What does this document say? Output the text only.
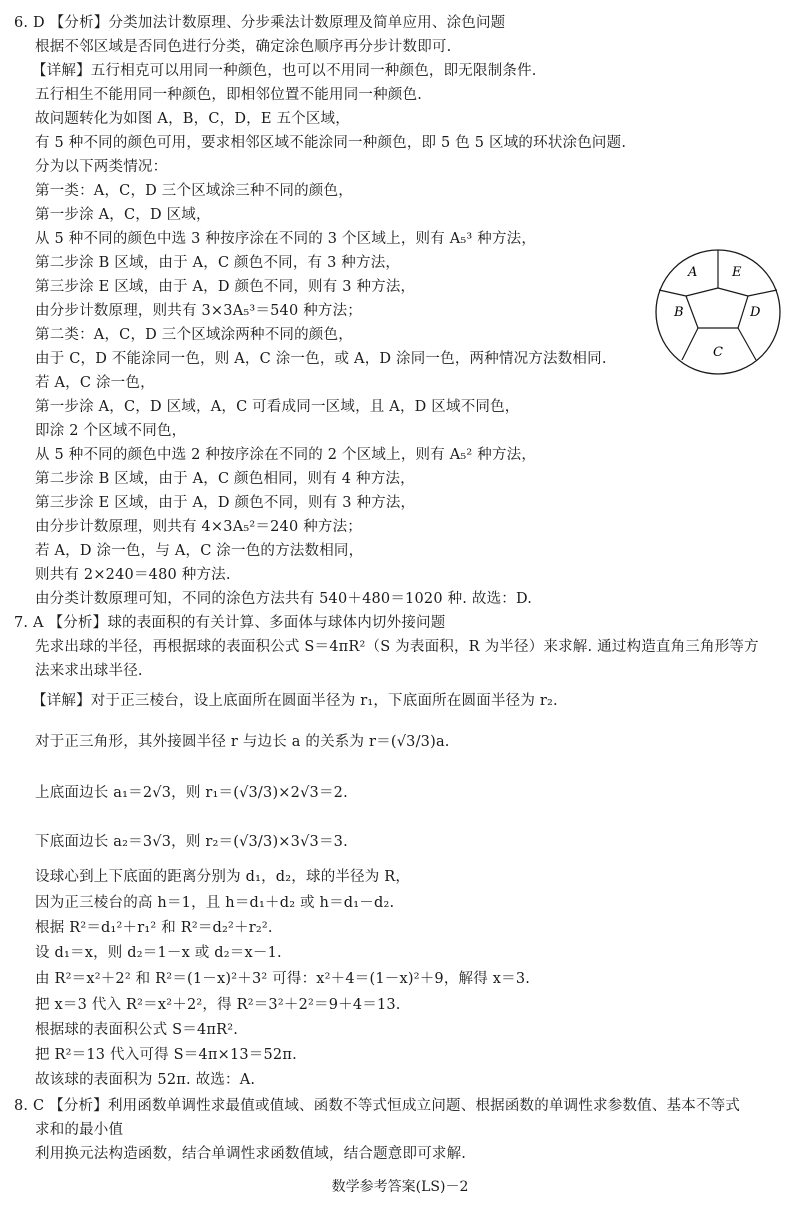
6. D 【分析】分类加法计数原理、分步乘法计数原理及简单应用、涂色问题
根据不邻区域是否同色进行分类，确定涂色顺序再分步计数即可.
【详解】五行相克可以用同一种颜色，也可以不用同一种颜色，即无限制条件.
五行相生不能用同一种颜色，即相邻位置不能用同一种颜色.
故问题转化为如图 A，B，C，D，E 五个区域，
有 5 种不同的颜色可用，要求相邻区域不能涂同一种颜色，即 5 色 5 区域的环状涂色问题.
分为以下两类情况：
第一类：A，C，D 三个区域涂三种不同的颜色，
第一步涂 A，C，D 区域，
从 5 种不同的颜色中选 3 种按序涂在不同的 3 个区域上，则有 A₅³ 种方法，
第二步涂 B 区域，由于 A，C 颜色不同，有 3 种方法，
第三步涂 E 区域，由于 A，D 颜色不同，则有 3 种方法，
由分步计数原理，则共有 3×3A₅³＝540 种方法；
第二类：A，C，D 三个区域涂两种不同的颜色，
由于 C，D 不能涂同一色，则 A，C 涂一色，或 A，D 涂同一色，两种情况方法数相同.
若 A，C 涂一色，
第一步涂 A，C，D 区域，A，C 可看成同一区域，且 A，D 区域不同色，
即涂 2 个区域不同色，
从 5 种不同的颜色中选 2 种按序涂在不同的 2 个区域上，则有 A₅² 种方法，
第二步涂 B 区域，由于 A，C 颜色相同，则有 4 种方法，
第三步涂 E 区域，由于 A，D 颜色不同，则有 3 种方法，
由分步计数原理，则共有 4×3A₅²＝240 种方法；
若 A，D 涂一色，与 A，C 涂一色的方法数相同，
则共有 2×240＝480 种方法.
由分类计数原理可知，不同的涂色方法共有 540＋480＝1020 种. 故选：D.
7. A 【分析】球的表面积的有关计算、多面体与球体内切外接问题
先求出球的半径，再根据球的表面积公式 S＝4πR²（S 为表面积，R 为半径）来求解. 通过构造直角三角形等方
法来求出球半径.
【详解】对于正三棱台，设上底面所在圆面半径为 r₁，下底面所在圆面半径为 r₂.
对于正三角形，其外接圆半径 r 与边长 a 的关系为 r＝(√3/3)a.
上底面边长 a₁＝2√3，则 r₁＝(√3/3)×2√3＝2.
下底面边长 a₂＝3√3，则 r₂＝(√3/3)×3√3＝3.
设球心到上下底面的距离分别为 d₁，d₂，球的半径为 R，
因为正三棱台的高 h＝1，且 h＝d₁＋d₂ 或 h＝d₁－d₂.
根据 R²＝d₁²＋r₁² 和 R²＝d₂²＋r₂².
设 d₁＝x，则 d₂＝1－x 或 d₂＝x－1.
由 R²＝x²＋2² 和 R²＝(1－x)²＋3² 可得：x²＋4＝(1－x)²＋9，解得 x＝3.
把 x＝3 代入 R²＝x²＋2²，得 R²＝3²＋2²＝9＋4＝13.
根据球的表面积公式 S＝4πR².
把 R²＝13 代入可得 S＝4π×13＝52π.
故该球的表面积为 52π. 故选：A.
8. C 【分析】利用函数单调性求最值或值域、函数不等式恒成立问题、根据函数的单调性求参数值、基本不等式
求和的最小值
利用换元法构造函数，结合单调性求函数值域，结合题意即可求解.
A	E
B	D
C
数学参考答案(LS)－2
